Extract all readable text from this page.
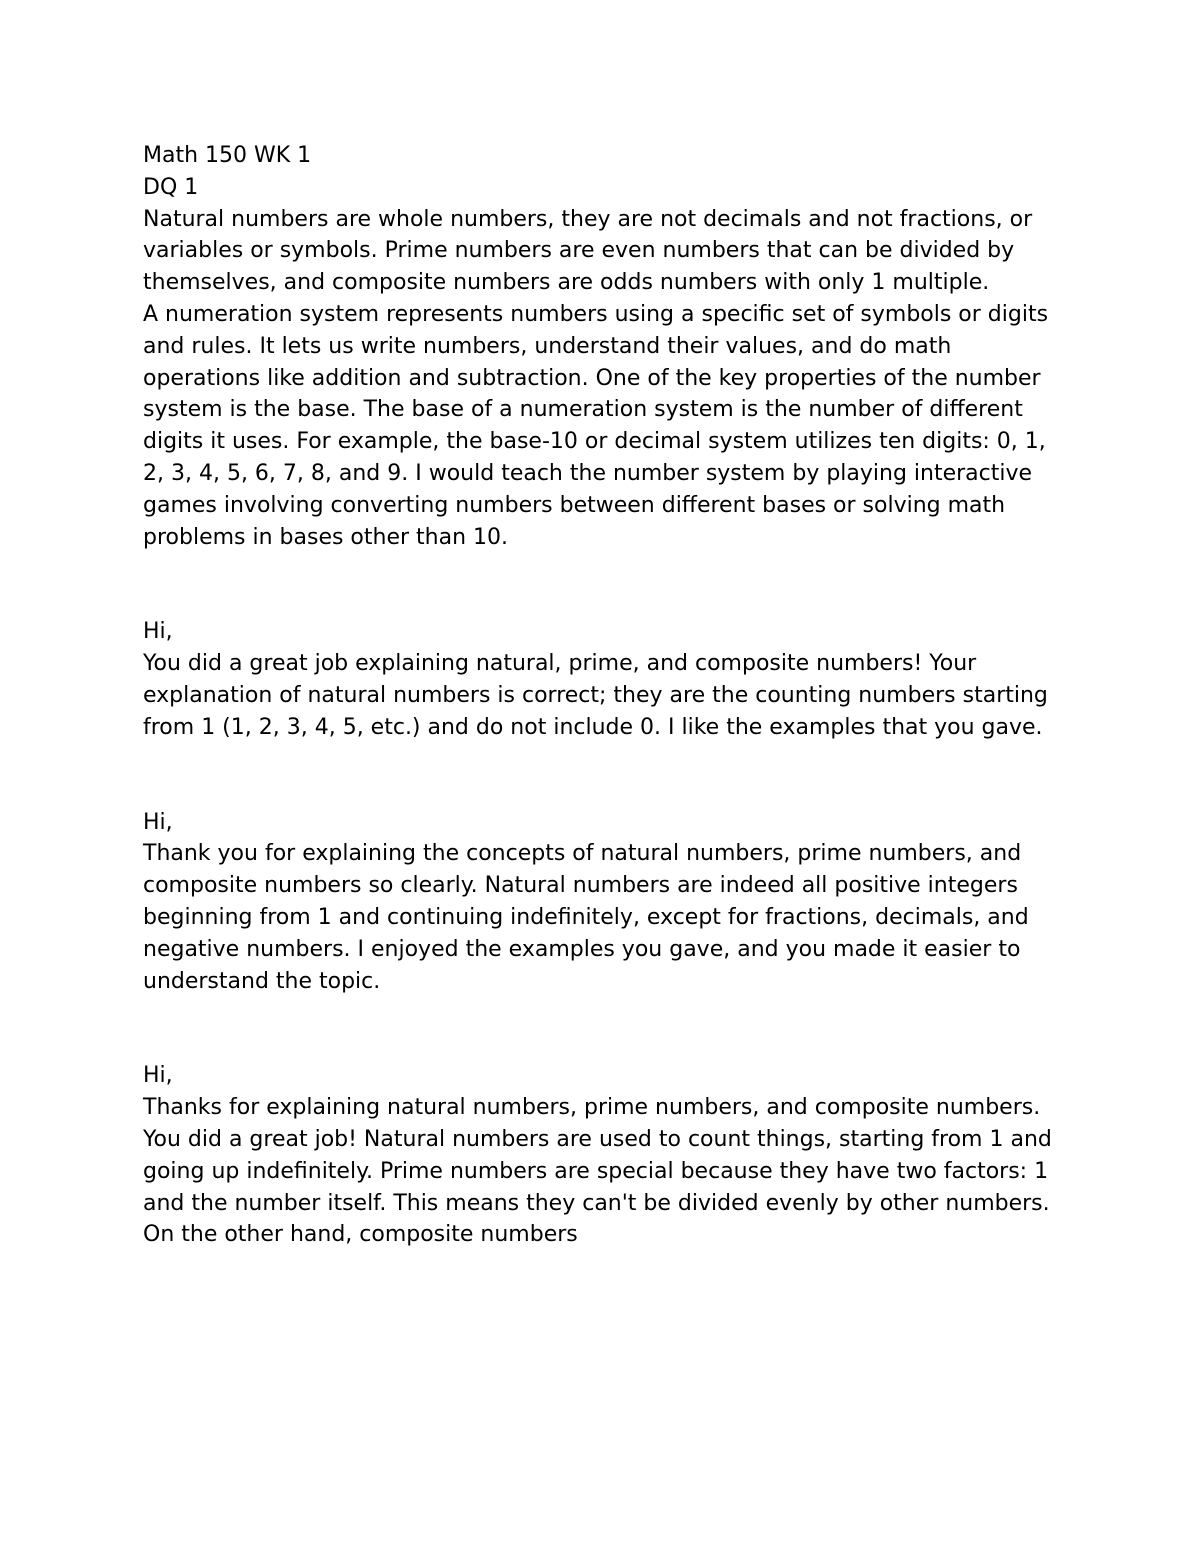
Math 150 WK 1

DQ 1

Natural numbers are whole numbers, they are not decimals and not fractions, or variables or symbols. Prime numbers are even numbers that can be divided by themselves, and composite numbers are odds numbers with only 1 multiple.

A numeration system represents numbers using a specific set of symbols or digits and rules. It lets us write numbers, understand their values, and do math operations like addition and subtraction. One of the key properties of the number system is the base. The base of a numeration system is the number of different digits it uses. For example, the base-10 or decimal system utilizes ten digits: 0, 1, 2, 3, 4, 5, 6, 7, 8, and 9. I would teach the number system by playing interactive games involving converting numbers between different bases or solving math problems in bases other than 10.

Hi,

You did a great job explaining natural, prime, and composite numbers! Your explanation of natural numbers is correct; they are the counting numbers starting from 1 (1, 2, 3, 4, 5, etc.) and do not include 0. I like the examples that you gave.

Hi,

Thank you for explaining the concepts of natural numbers, prime numbers, and composite numbers so clearly. Natural numbers are indeed all positive integers beginning from 1 and continuing indefinitely, except for fractions, decimals, and negative numbers. I enjoyed the examples you gave, and you made it easier to understand the topic.

Hi,

Thanks for explaining natural numbers, prime numbers, and composite numbers. You did a great job! Natural numbers are used to count things, starting from 1 and going up indefinitely. Prime numbers are special because they have two factors: 1 and the number itself. This means they can't be divided evenly by other numbers. On the other hand, composite numbers
